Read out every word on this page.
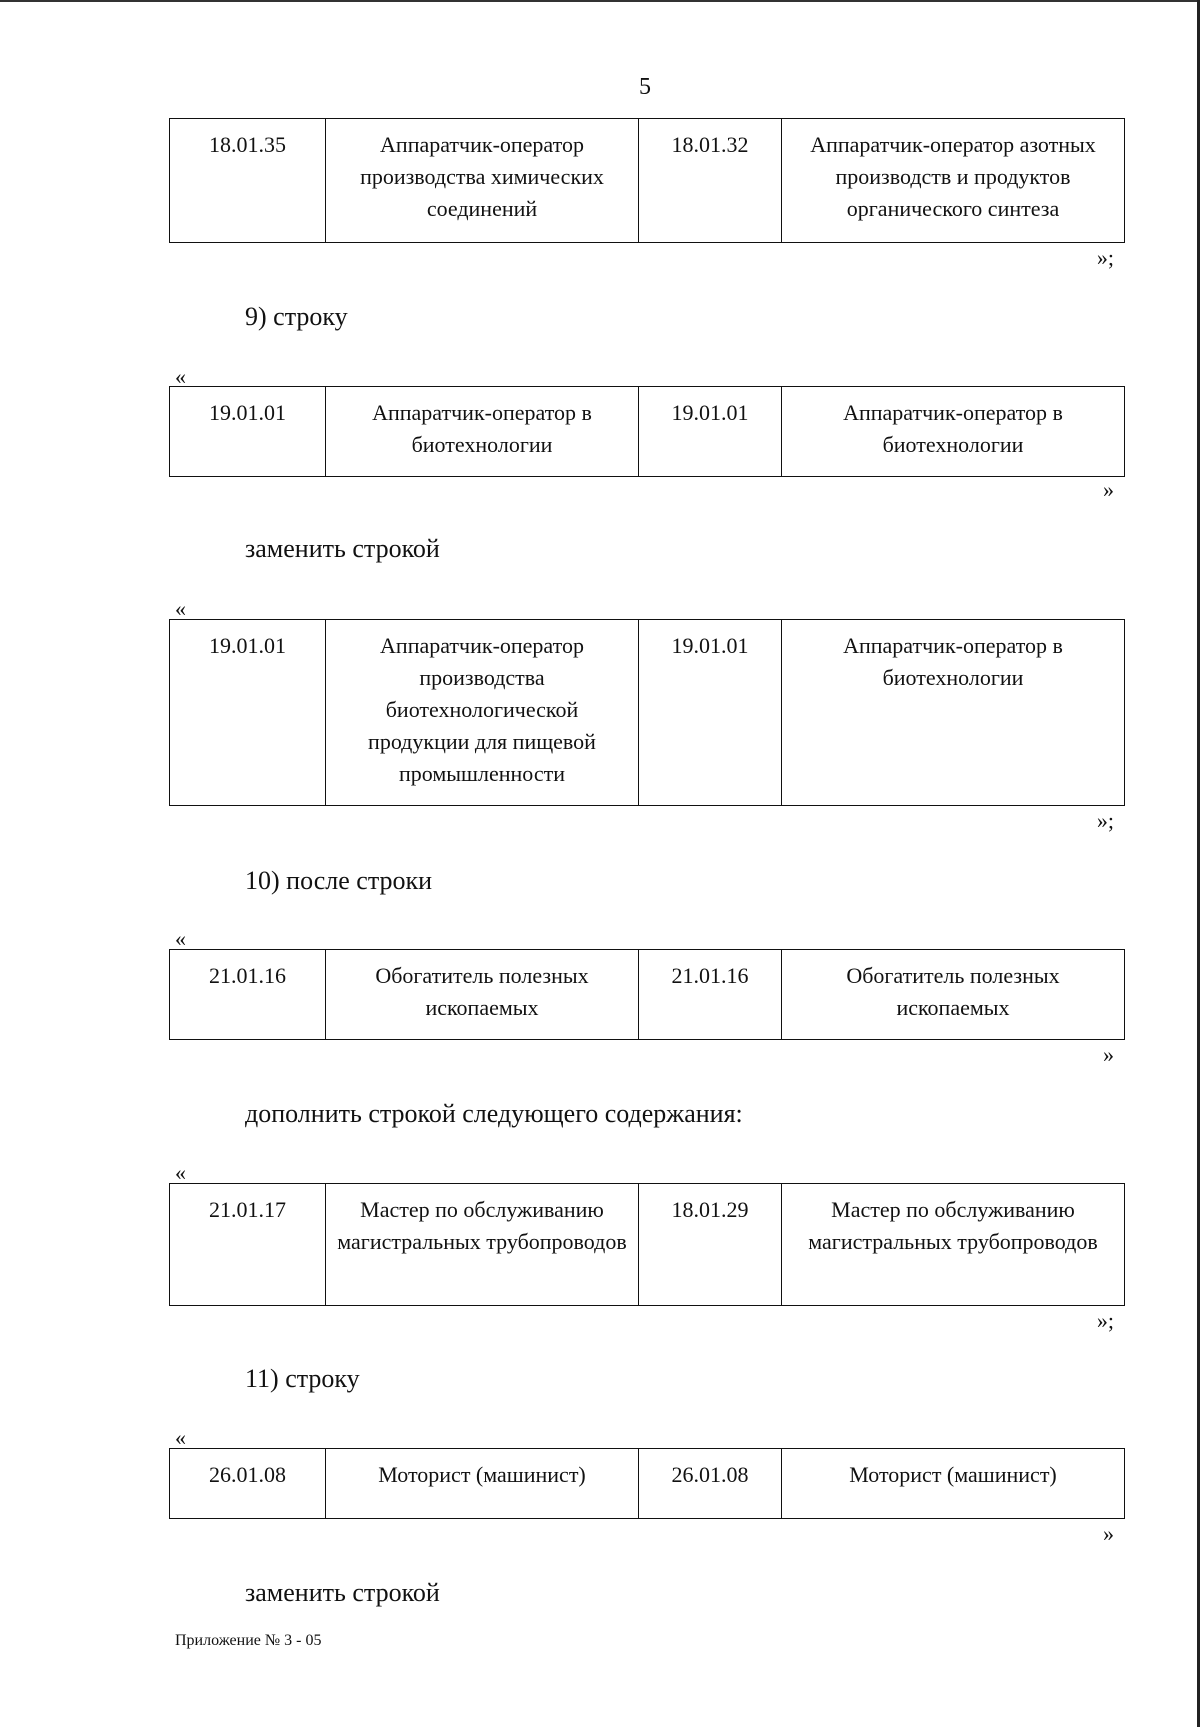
5
18.01.35	Аппаратчик-оператор производства химических соединений	18.01.32	Аппаратчик-оператор азотных производств и продуктов органического синтеза
»;
9) строку
«
19.01.01	Аппаратчик-оператор в биотехнологии	19.01.01	Аппаратчик-оператор в биотехнологии
»
заменить строкой
«
19.01.01	Аппаратчик-оператор производства биотехнологической продукции для пищевой промышленности	19.01.01	Аппаратчик-оператор в биотехнологии
»;
10) после строки
«
21.01.16	Обогатитель полезных ископаемых	21.01.16	Обогатитель полезных ископаемых
»
дополнить строкой следующего содержания:
«
21.01.17	Мастер по обслуживанию магистральных трубопроводов	18.01.29	Мастер по обслуживанию магистральных трубопроводов
»;
11) строку
«
26.01.08	Моторист (машинист)	26.01.08	Моторист (машинист)
»
заменить строкой
Приложение № 3 - 05
